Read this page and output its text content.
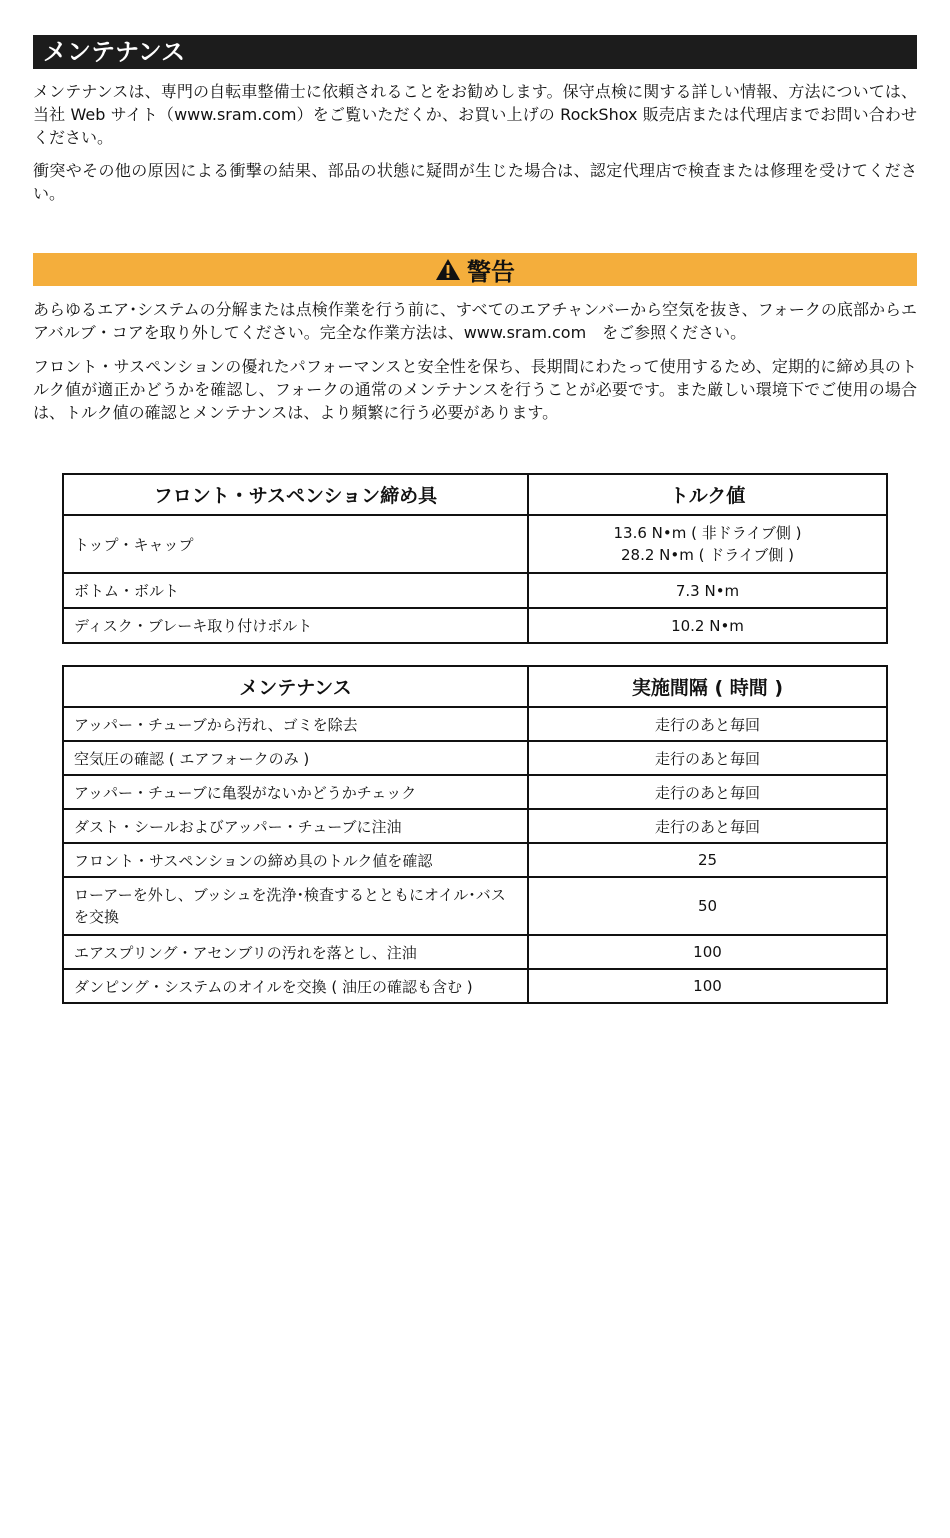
メンテナンス

メンテナンスは、専門の自転車整備士に依頼されることをお勧めします。保守点検に関する詳しい情報、方法については、当社 Web サイト（www.sram.com）をご覧いただくか、お買い上げの RockShox 販売店または代理店までお問い合わせください。

衝突やその他の原因による衝撃の結果、部品の状態に疑問が生じた場合は、認定代理店で検査または修理を受けてください。

警告

あらゆるエア･システムの分解または点検作業を行う前に、すべてのエアチャンバーから空気を抜き、フォークの底部からエアバルブ・コアを取り外してください。完全な作業方法は、www.sram.com　をご参照ください。

フロント・サスペンションの優れたパフォーマンスと安全性を保ち、長期間にわたって使用するため、定期的に締め具のトルク値が適正かどうかを確認し、フォークの通常のメンテナンスを行うことが必要です。また厳しい環境下でご使用の場合は、トルク値の確認とメンテナンスは、より頻繁に行う必要があります。

フロント・サスペンション締め具	トルク値
トップ・キャップ	13.6 N•m ( 非ドライブ側 )
28.2 N•m ( ドライブ側 )

ボトム・ボルト	7.3 N•m
ディスク・ブレーキ取り付けボルト	10.2 N•m
メンテナンス	実施間隔 ( 時間 )
アッパー・チューブから汚れ、ゴミを除去	走行のあと毎回
空気圧の確認 ( エアフォークのみ )	走行のあと毎回
アッパー・チューブに亀裂がないかどうかチェック	走行のあと毎回
ダスト・シールおよびアッパー・チューブに注油	走行のあと毎回
フロント・サスペンションの締め具のトルク値を確認	25
ローアーを外し、ブッシュを洗浄･検査するとともにオイル･バスを交換	50
エアスプリング・アセンブリの汚れを落とし、注油	100
ダンピング・システムのオイルを交換 ( 油圧の確認も含む )	100
